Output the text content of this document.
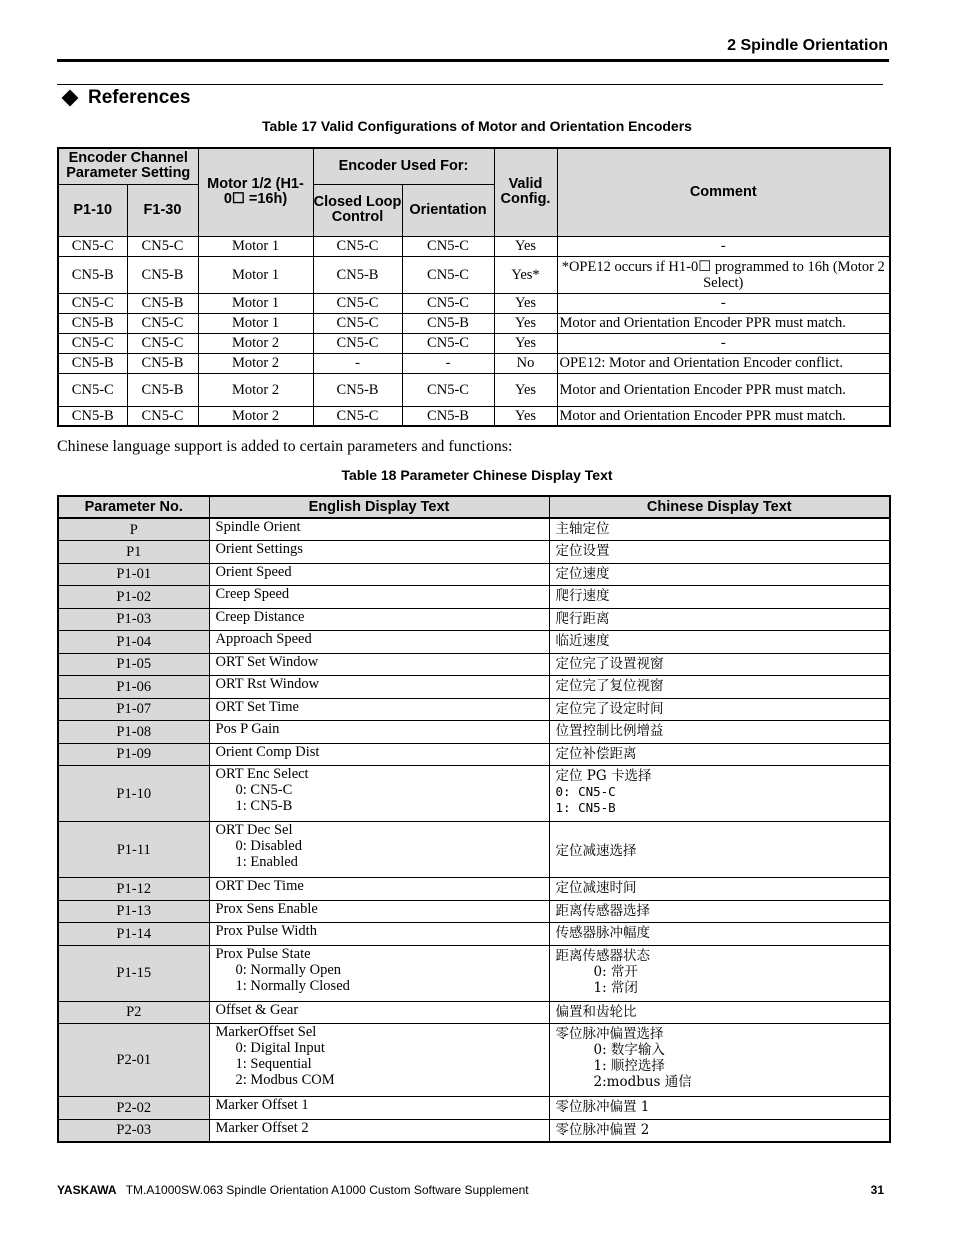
2 Spindle Orientation
References
Table 17 Valid Configurations of Motor and Orientation Encoders
Encoder Channel Parameter Setting		Motor 1/2 (H1-0☐ =16h)	Encoder Used For:		Valid Config.	Comment
P1-10	F1-30		Closed Loop Control	Orientation		
CN5-C	CN5-C	Motor 1	CN5-C	CN5-C	Yes	-
CN5-B	CN5-B	Motor 1	CN5-B	CN5-C	Yes*	*OPE12 occurs if H1-0☐ programmed to 16h (Motor 2 Select)
CN5-C	CN5-B	Motor 1	CN5-C	CN5-C	Yes	-
CN5-B	CN5-C	Motor 1	CN5-C	CN5-B	Yes	Motor and Orientation Encoder PPR must match.
CN5-C	CN5-C	Motor 2	CN5-C	CN5-C	Yes	-
CN5-B	CN5-B	Motor 2	-	-	No	OPE12: Motor and Orientation Encoder conflict.
CN5-C	CN5-B	Motor 2	CN5-B	CN5-C	Yes	Motor and Orientation Encoder PPR must match.
CN5-B	CN5-C	Motor 2	CN5-C	CN5-B	Yes	Motor and Orientation Encoder PPR must match.
Chinese language support is added to certain parameters and functions:
Table 18 Parameter Chinese Display Text
Parameter No.	English Display Text	Chinese Display Text
P	Spindle Orient	主轴定位

P1	Orient Settings	定位设置

P1-01	Orient Speed	定位速度

P1-02	Creep Speed	爬行速度

P1-03	Creep Distance	爬行距离

P1-04	Approach Speed	临近速度

P1-05	ORT Set Window	定位完了设置视窗

P1-06	ORT Rst Window	定位完了复位视窗

P1-07	ORT Set Time	定位完了设定时间

P1-08	Pos P Gain	位置控制比例增益

P1-09	Orient Comp Dist	定位补偿距离

P1-10	ORT Enc Select
0: CN5-C
1: CN5-B	定位 PG 卡选择
0: CN5-C
1: CN5-B

P1-11	ORT Dec Sel
0: Disabled
1: Enabled	定位减速选择

P1-12	ORT Dec Time	定位减速时间

P1-13	Prox Sens Enable	距离传感器选择

P1-14	Prox Pulse Width	传感器脉冲幅度

P1-15	Prox Pulse State
0: Normally Open
1: Normally Closed	距离传感器状态
0: 常开
1: 常闭

P2	Offset & Gear	偏置和齿轮比

P2-01	MarkerOffset Sel
0: Digital Input
1: Sequential
2: Modbus COM	零位脉冲偏置选择
0: 数字输入
1: 顺控选择
2:modbus 通信

P2-02	Marker Offset 1	零位脉冲偏置 1

P2-03	Marker Offset 2	零位脉冲偏置 2
YASKAWA TM.A1000SW.063 Spindle Orientation A1000 Custom Software Supplement	31
